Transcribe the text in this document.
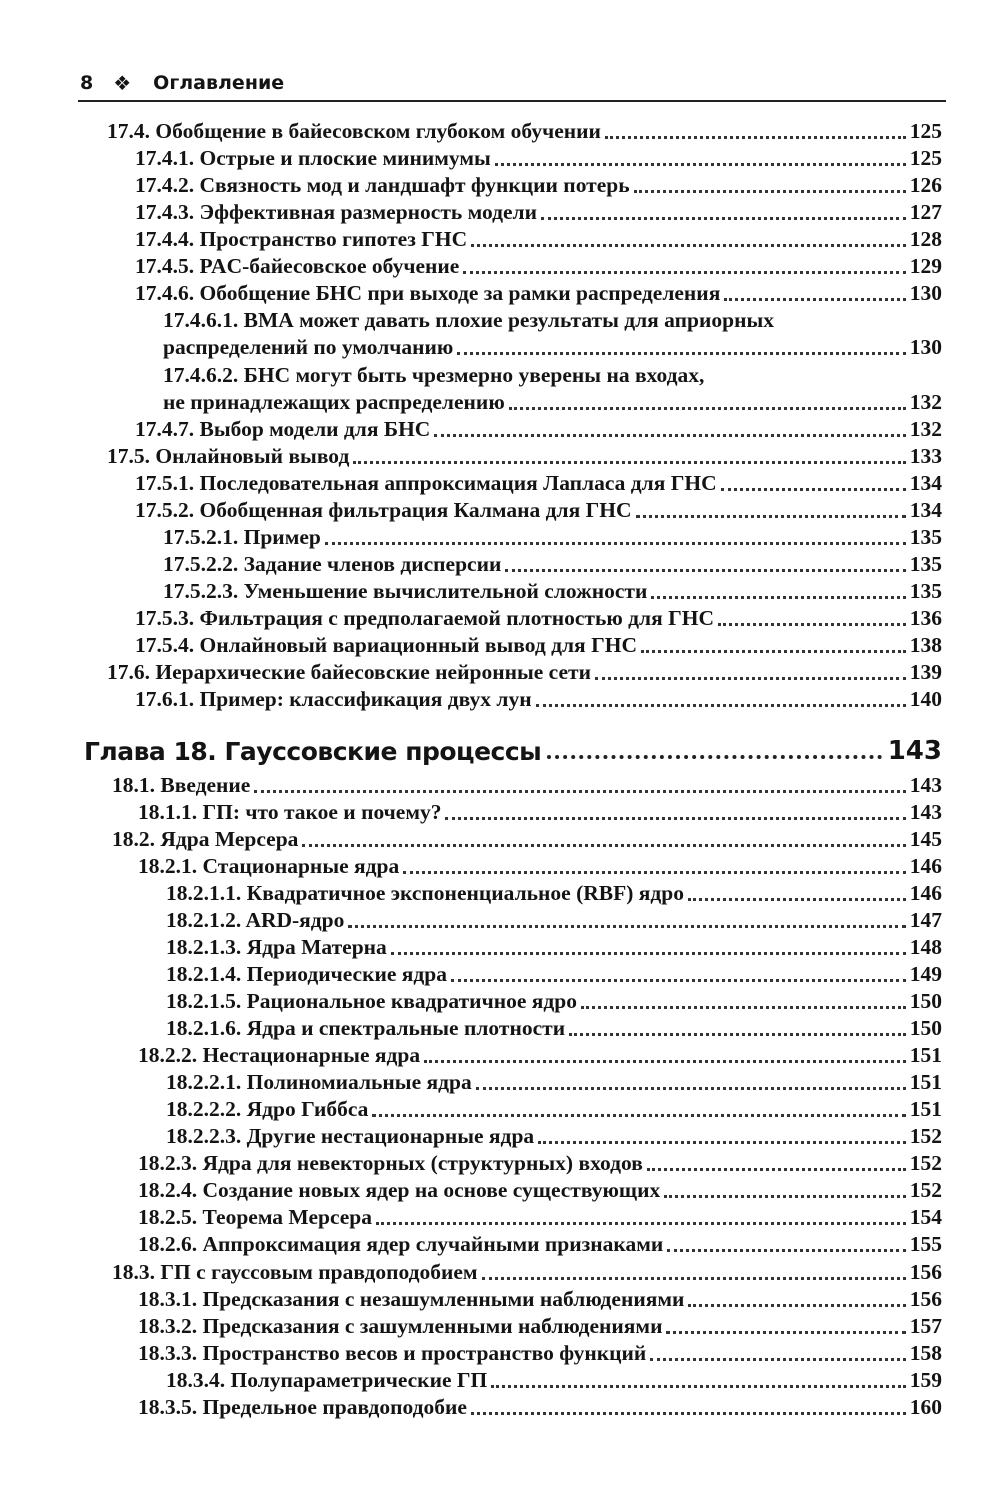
8 ❖ Оглавление
17.4. Обобщение в байесовском глубоком обучении	125
17.4.1. Острые и плоские минимумы	125
17.4.2. Связность мод и ландшафт функции потерь	126
17.4.3. Эффективная размерность модели	127
17.4.4. Пространство гипотез ГНС	128
17.4.5. PAC-байесовское обучение	129
17.4.6. Обобщение БНС при выходе за рамки распределения	130
17.4.6.1. ВМА может давать плохие результаты для априорных
распределений по умолчанию	130
17.4.6.2. БНС могут быть чрезмерно уверены на входах,
не принадлежащих распределению	132
17.4.7. Выбор модели для БНС	132
17.5. Онлайновый вывод	133
17.5.1. Последовательная аппроксимация Лапласа для ГНС	134
17.5.2. Обобщенная фильтрация Калмана для ГНС	134
17.5.2.1. Пример	135
17.5.2.2. Задание членов дисперсии	135
17.5.2.3. Уменьшение вычислительной сложности	135
17.5.3. Фильтрация с предполагаемой плотностью для ГНС	136
17.5.4. Онлайновый вариационный вывод для ГНС	138
17.6. Иерархические байесовские нейронные сети	139
17.6.1. Пример: классификация двух лун	140
Глава 18. Гауссовские процессы	143
18.1. Введение	143
18.1.1. ГП: что такое и почему?	143
18.2. Ядра Мерсера	145
18.2.1. Стационарные ядра	146
18.2.1.1. Квадратичное экспоненциальное (RBF) ядро	146
18.2.1.2. ARD-ядро	147
18.2.1.3. Ядра Матерна	148
18.2.1.4. Периодические ядра	149
18.2.1.5. Рациональное квадратичное ядро	150
18.2.1.6. Ядра и спектральные плотности	150
18.2.2. Нестационарные ядра	151
18.2.2.1. Полиномиальные ядра	151
18.2.2.2. Ядро Гиббса	151
18.2.2.3. Другие нестационарные ядра	152
18.2.3. Ядра для невекторных (структурных) входов	152
18.2.4. Создание новых ядер на основе существующих	152
18.2.5. Теорема Мерсера	154
18.2.6. Аппроксимация ядер случайными признаками	155
18.3. ГП с гауссовым правдоподобием	156
18.3.1. Предсказания с незашумленными наблюдениями	156
18.3.2. Предсказания с зашумленными наблюдениями	157
18.3.3. Пространство весов и пространство функций	158
18.3.4. Полупараметрические ГП	159
18.3.5. Предельное правдоподобие	160
